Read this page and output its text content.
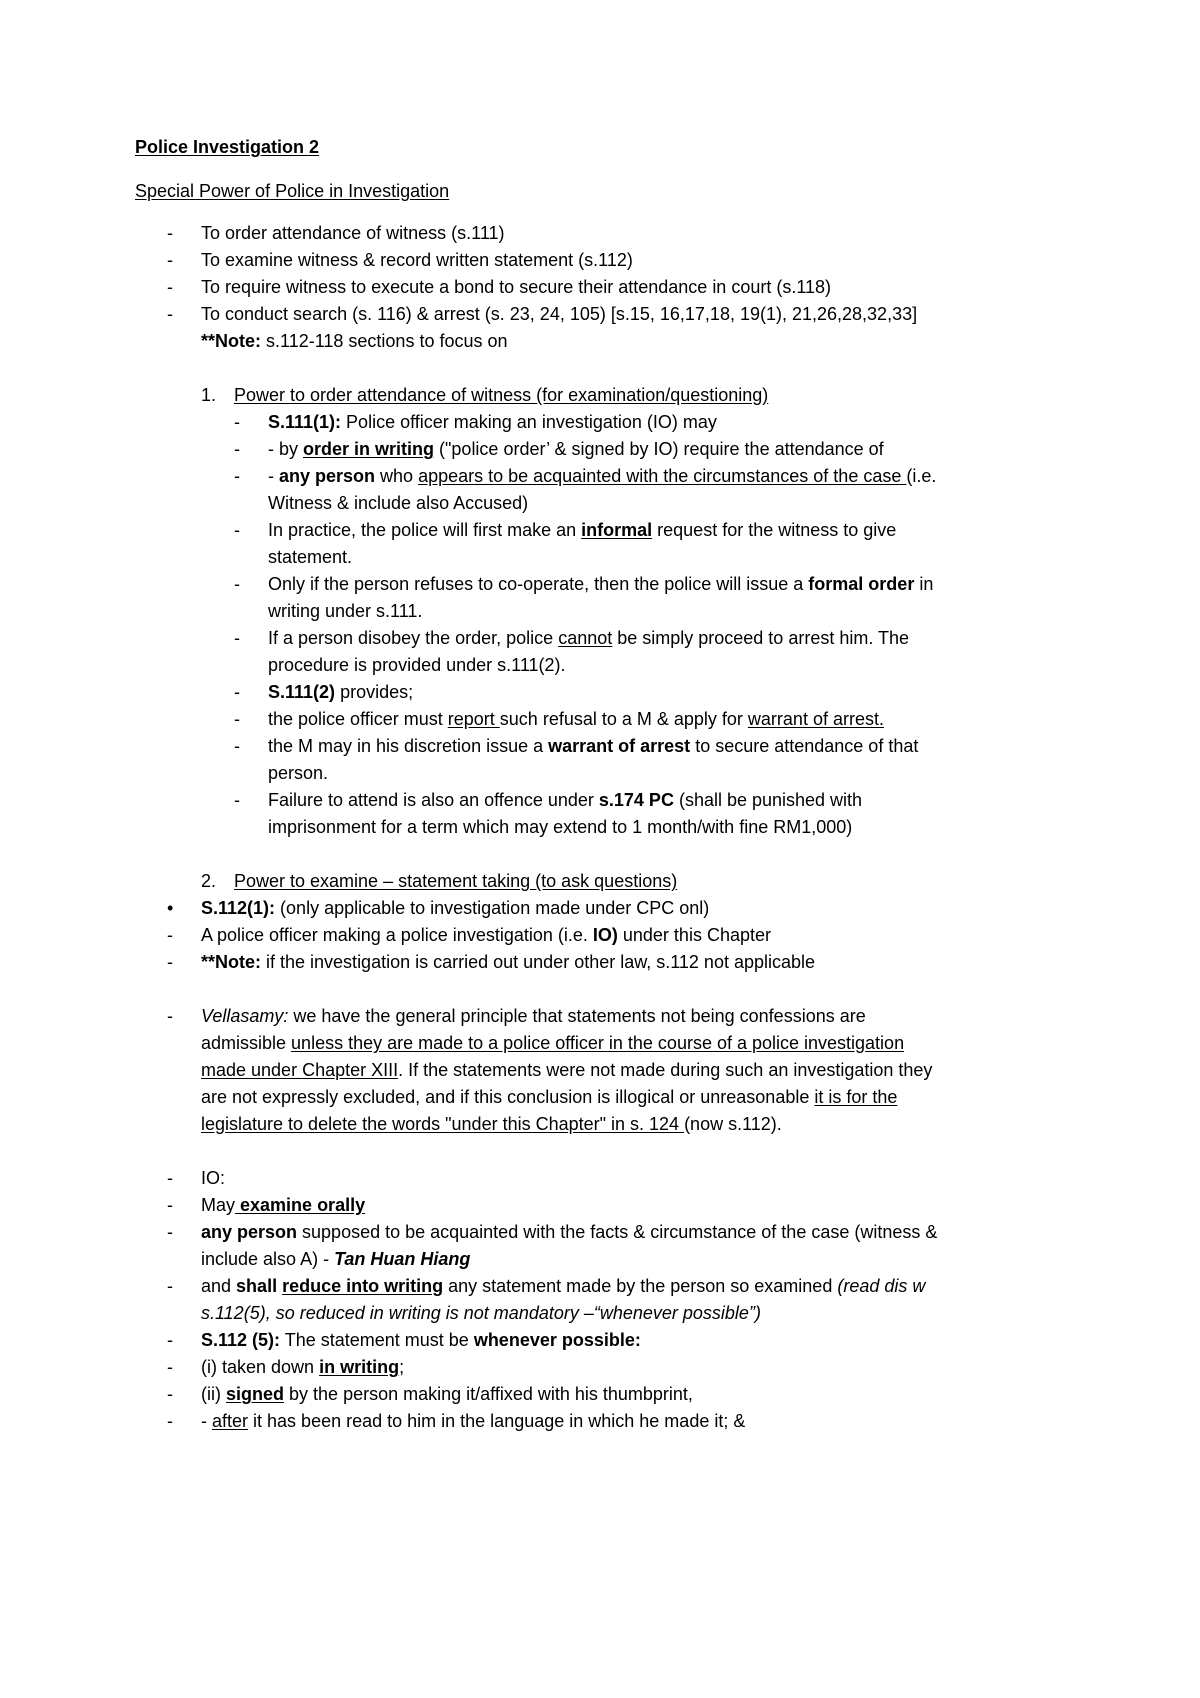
Police Investigation 2
Special Power of Police in Investigation
- To order attendance of witness (s.111)
- To examine witness & record written statement (s.112)
- To require witness to execute a bond to secure their attendance in court (s.118)
- To conduct search (s. 116) & arrest (s. 23, 24, 105) [s.15, 16,17,18, 19(1), 21,26,28,32,33]
**Note: s.112-118 sections to focus on
1. Power to order attendance of witness (for examination/questioning)
- S.111(1): Police officer making an investigation (IO) may
- - by order in writing ("police order’ & signed by IO) require the attendance of
- - any person who appears to be acquainted with the circumstances of the case (i.e.
Witness & include also Accused)
- In practice, the police will first make an informal request for the witness to give
statement.
- Only if the person refuses to co-operate, then the police will issue a formal order in
writing under s.111.
- If a person disobey the order, police cannot be simply proceed to arrest him. The
procedure is provided under s.111(2).
- S.111(2) provides;
- the police officer must report such refusal to a M & apply for warrant of arrest.
- the M may in his discretion issue a warrant of arrest to secure attendance of that
person.
- Failure to attend is also an offence under s.174 PC (shall be punished with
imprisonment for a term which may extend to 1 month/with fine RM1,000)
2. Power to examine – statement taking (to ask questions)
• S.112(1): (only applicable to investigation made under CPC onl)
- A police officer making a police investigation (i.e. IO) under this Chapter
- **Note: if the investigation is carried out under other law, s.112 not applicable
- Vellasamy: we have the general principle that statements not being confessions are
admissible unless they are made to a police officer in the course of a police investigation
made under Chapter XIII. If the statements were not made during such an investigation they
are not expressly excluded, and if this conclusion is illogical or unreasonable it is for the
legislature to delete the words "under this Chapter" in s. 124 (now s.112).
- IO:
- May examine orally
- any person supposed to be acquainted with the facts & circumstance of the case (witness &
include also A) - Tan Huan Hiang
- and shall reduce into writing any statement made by the person so examined (read dis w
s.112(5), so reduced in writing is not mandatory –“whenever possible”)
- S.112 (5): The statement must be whenever possible:
- (i) taken down in writing;
- (ii) signed by the person making it/affixed with his thumbprint,
- - after it has been read to him in the language in which he made it; &
